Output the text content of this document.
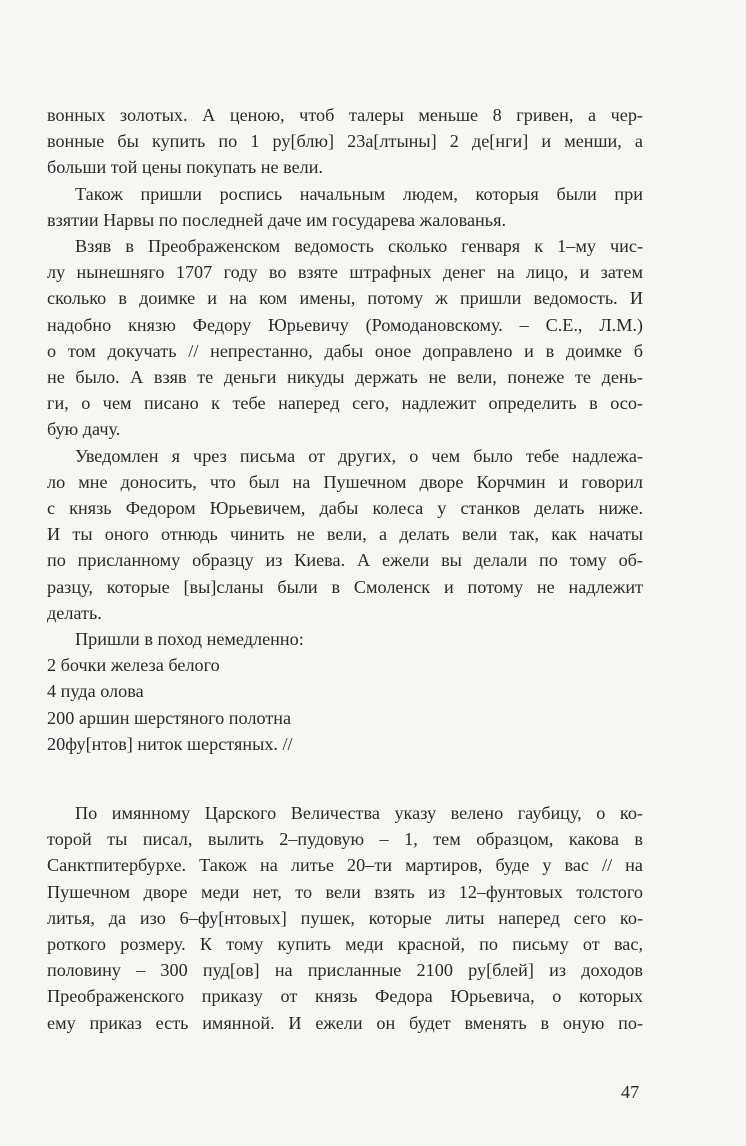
вонных золотых. А ценою, чтоб талеры меньше 8 гривен, а чер-
вонные бы купить по 1 ру[блю] 23а[лтыны] 2 де[нги] и менши, а
больши той цены покупать не вели.
Також пришли роспись начальным людем, которыя были при
взятии Нарвы по последней даче им государева жалованья.
Взяв в Преображенском ведомость сколько генваря к 1–му чис-
лу нынешняго 1707 году во взяте штрафных денег на лицо, и затем
сколько в доимке и на ком имены, потому ж пришли ведомость. И
надобно князю Федору Юрьевичу (Ромодановскому. – С.Е., Л.М.)
о том докучать // непрестанно, дабы оное доправлено и в доимке б
не было. А взяв те деньги никуды держать не вели, понеже те день-
ги, о чем писано к тебе наперед сего, надлежит определить в осо-
бую дачу.
Уведомлен я чрез письма от других, о чем было тебе надлежа-
ло мне доносить, что был на Пушечном дворе Корчмин и говорил
с князь Федором Юрьевичем, дабы колеса у станков делать ниже.
И ты оного отнюдь чинить не вели, а делать вели так, как начаты
по присланному образцу из Киева. А ежели вы делали по тому об-
разцу, которые [вы]сланы были в Смоленск и потому не надлежит
делать.
Пришли в поход немедленно:
2 бочки железа белого
4 пуда олова
200 аршин шерстяного полотна
20фу[нтов] ниток шерстяных. //
По имянному Царского Величества указу велено гаубицу, о ко-
торой ты писал, вылить 2–пудовую – 1, тем образцом, какова в
Санктпитербурхе. Також на литье 20–ти мартиров, буде у вас // на
Пушечном дворе меди нет, то вели взять из 12–фунтовых толстого
литья, да изо 6–фу[нтовых] пушек, которые литы наперед сего ко-
роткого розмеру. К тому купить меди красной, по письму от вас,
половину – 300 пуд[ов] на присланные 2100 ру[блей] из доходов
Преображенского приказу от князь Федора Юрьевича, о которых
ему приказ есть имянной. И ежели он будет вменять в оную по-
47
